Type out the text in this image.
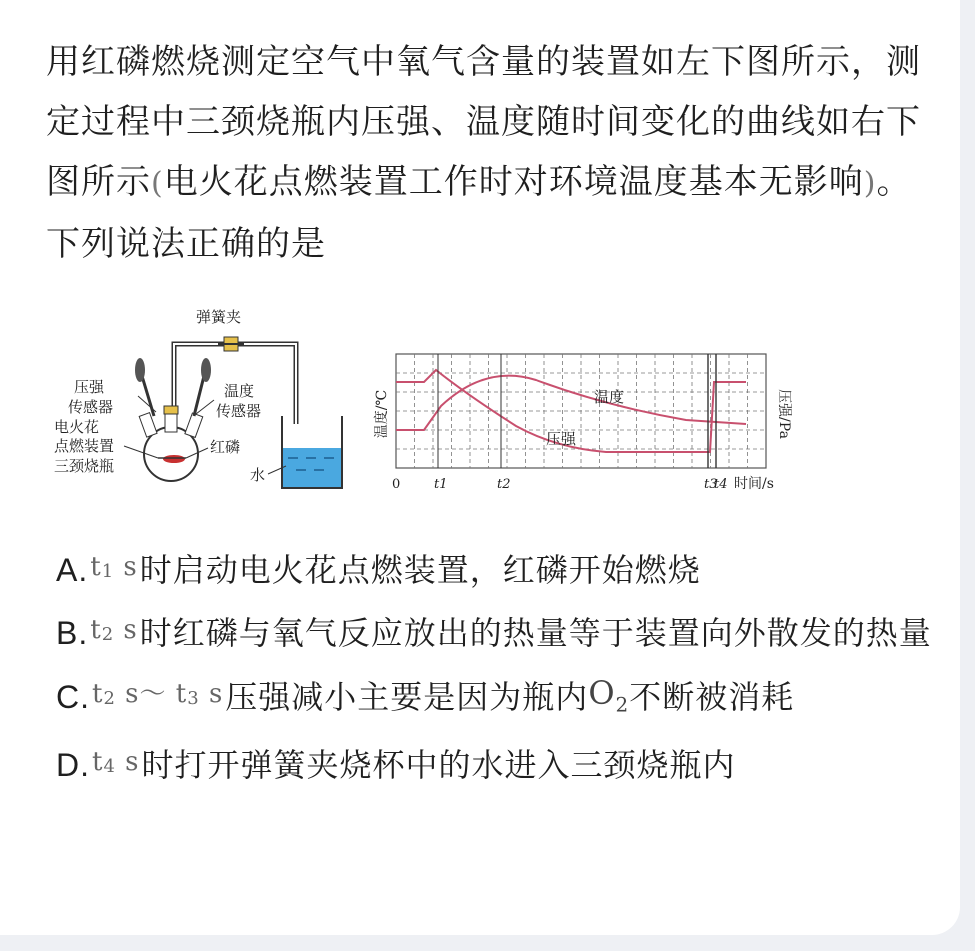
用红磷燃烧测定空气中氧气含量的装置如左下图所示，测定过程中三颈烧瓶内压强、温度随时间变化的曲线如右下图所示(电火花点燃装置工作时对环境温度基本无影响)。下列说法正确的是
弹簧夹
压强
传感器
电火花
点燃装置
三颈烧瓶
温度
传感器
红磷
水
温度
压强
温度/℃	压强/Pa
0	t1	t2	t3
t4 时间/s
$A.t_1$ s时启动电火花点燃装置，红磷开始燃烧
$B.t_2$ s时红磷与氧气反应放出的热量等于装置向外散发的热量
$C.t_2$ s～ $t_3$ s压强减小主要是因为瓶内$O_2$不断被消耗
$D.t_4$ s时打开弹簧夹烧杯中的水进入三颈烧瓶内
